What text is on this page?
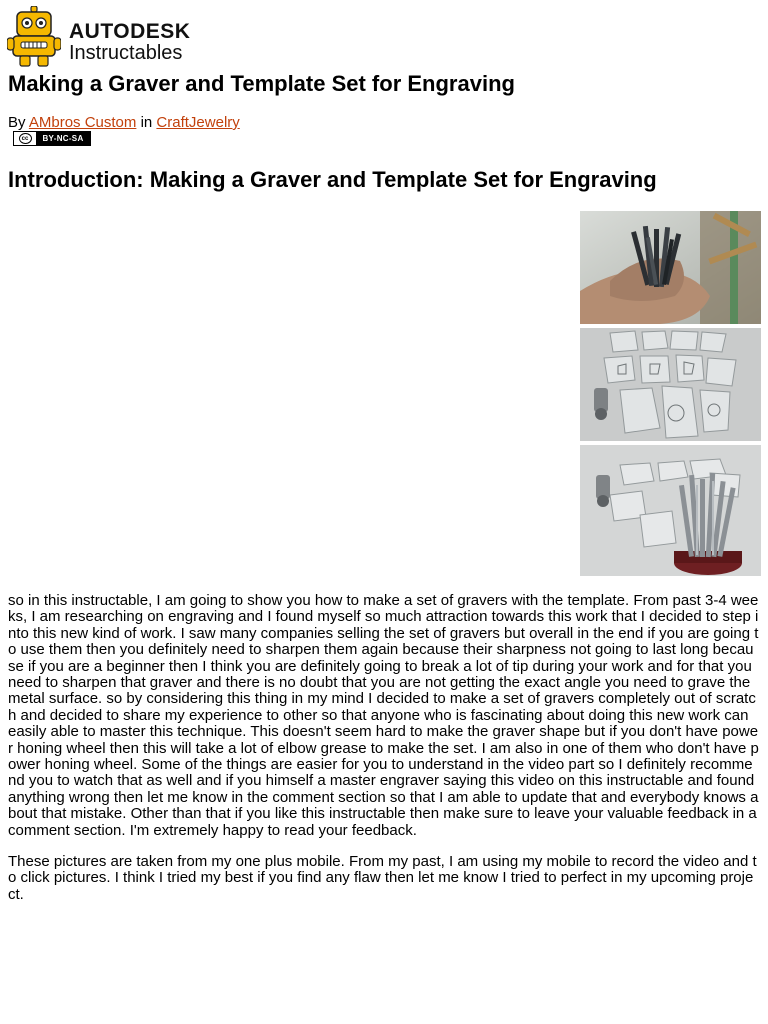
AUTODESK
Instructables
Making a Graver and Template Set for Engraving
By AMbros Custom in CraftJewelry
cc	BY-NC-SA
Introduction: Making a Graver and Template Set for Engraving

so in this instructable, I am going to show you how to make a set of gravers with the template. From past 3-4 weeks, I am researching on engraving and I found myself so much attraction towards this work that I decided to step into this new kind of work. I saw many companies selling the set of gravers but overall in the end if you are going to use them then you definitely need to sharpen them again because their sharpness not going to last long because if you are a beginner then I think you are definitely going to break a lot of tip during your work and for that you need to sharpen that graver and there is no doubt that you are not getting the exact angle you need to grave the metal surface. so by considering this thing in my mind I decided to make a set of gravers completely out of scratch and decided to share my experience to other so that anyone who is fascinating about doing this new work can easily able to master this technique. This doesn't seem hard to make the graver shape but if you don't have power honing wheel then this will take a lot of elbow grease to make the set. I am also in one of them who don't have power honing wheel. Some of the things are easier for you to understand in the video part so I definitely recommend you to watch that as well and if you himself a master engraver saying this video on this instructable and found anything wrong then let me know in the comment section so that I am able to update that and everybody knows about that mistake. Other than that if you like this instructable then make sure to leave your valuable feedback in a comment section. I'm extremely happy to read your feedback.

These pictures are taken from my one plus mobile. From my past, I am using my mobile to record the video and to click pictures. I think I tried my best if you find any flaw then let me know I tried to perfect in my upcoming project.
